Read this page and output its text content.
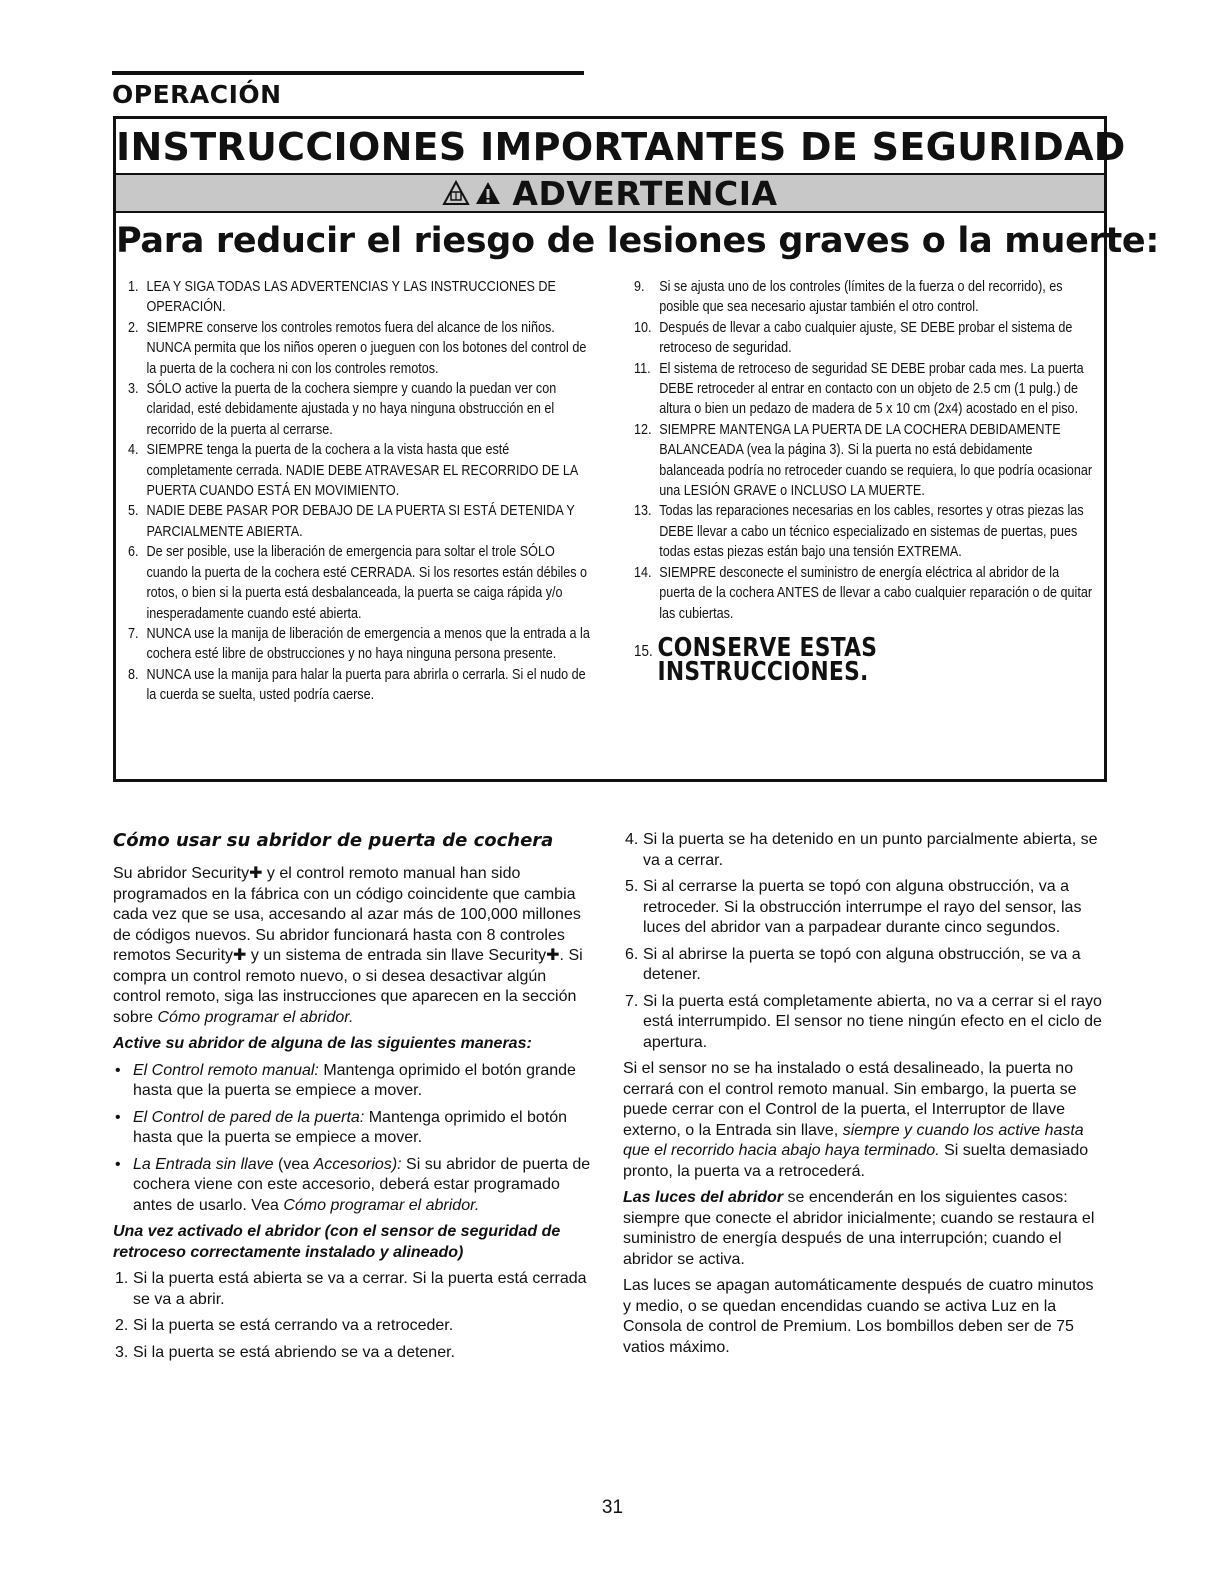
OPERACIÓN
INSTRUCCIONES IMPORTANTES DE SEGURIDAD
ADVERTENCIA
Para reducir el riesgo de lesiones graves o la muerte:

1. LEA Y SIGA TODAS LAS ADVERTENCIAS Y LAS INSTRUCCIONES DE OPERACIÓN.

2. SIEMPRE conserve los controles remotos fuera del alcance de los niños. NUNCA permita que los niños operen o jueguen con los botones del control de la puerta de la cochera ni con los controles remotos.

3. SÓLO active la puerta de la cochera siempre y cuando la puedan ver con claridad, esté debidamente ajustada y no haya ninguna obstrucción en el recorrido de la puerta al cerrarse.

4. SIEMPRE tenga la puerta de la cochera a la vista hasta que esté completamente cerrada. NADIE DEBE ATRAVESAR EL RECORRIDO DE LA PUERTA CUANDO ESTÁ EN MOVIMIENTO.

5. NADIE DEBE PASAR POR DEBAJO DE LA PUERTA SI ESTÁ DETENIDA Y PARCIALMENTE ABIERTA.

6. De ser posible, use la liberación de emergencia para soltar el trole SÓLO cuando la puerta de la cochera esté CERRADA. Si los resortes están débiles o rotos, o bien si la puerta está desbalanceada, la puerta se caiga rápida y/o inesperadamente cuando esté abierta.

7. NUNCA use la manija de liberación de emergencia a menos que la entrada a la cochera esté libre de obstrucciones y no haya ninguna persona presente.

8. NUNCA use la manija para halar la puerta para abrirla o cerrarla. Si el nudo de la cuerda se suelta, usted podría caerse.

9. Si se ajusta uno de los controles (límites de la fuerza o del recorrido), es posible que sea necesario ajustar también el otro control.

10. Después de llevar a cabo cualquier ajuste, SE DEBE probar el sistema de retroceso de seguridad.

11. El sistema de retroceso de seguridad SE DEBE probar cada mes. La puerta DEBE retroceder al entrar en contacto con un objeto de 2.5 cm (1 pulg.) de altura o bien un pedazo de madera de 5 x 10 cm (2x4) acostado en el piso.

12. SIEMPRE MANTENGA LA PUERTA DE LA COCHERA DEBIDAMENTE BALANCEADA (vea la página 3). Si la puerta no está debidamente balanceada podría no retroceder cuando se requiera, lo que podría ocasionar una LESIÓN GRAVE o INCLUSO LA MUERTE.

13. Todas las reparaciones necesarias en los cables, resortes y otras piezas las DEBE llevar a cabo un técnico especializado en sistemas de puertas, pues todas estas piezas están bajo una tensión EXTREMA.

14. SIEMPRE desconecte el suministro de energía eléctrica al abridor de la puerta de la cochera ANTES de llevar a cabo cualquier reparación o de quitar las cubiertas.

15. CONSERVE ESTAS INSTRUCCIONES.

Cómo usar su abridor de puerta de cochera

Su abridor Security✚ y el control remoto manual han sido programados en la fábrica con un código coincidente que cambia cada vez que se usa, accesando al azar más de 100,000 millones de códigos nuevos. Su abridor funcionará hasta con 8 controles remotos Security✚ y un sistema de entrada sin llave Security✚. Si compra un control remoto nuevo, o si desea desactivar algún control remoto, siga las instrucciones que aparecen en la sección sobre Cómo programar el abridor.

Active su abridor de alguna de las siguientes maneras:

• El Control remoto manual: Mantenga oprimido el botón grande hasta que la puerta se empiece a mover.

• El Control de pared de la puerta: Mantenga oprimido el botón hasta que la puerta se empiece a mover.

• La Entrada sin llave (vea Accesorios): Si su abridor de puerta de cochera viene con este accesorio, deberá estar programado antes de usarlo. Vea Cómo programar el abridor.

Una vez activado el abridor (con el sensor de seguridad de retroceso correctamente instalado y alineado)

1. Si la puerta está abierta se va a cerrar. Si la puerta está cerrada se va a abrir.

2. Si la puerta se está cerrando va a retroceder.

3. Si la puerta se está abriendo se va a detener.

4. Si la puerta se ha detenido en un punto parcialmente abierta, se va a cerrar.

5. Si al cerrarse la puerta se topó con alguna obstrucción, va a retroceder. Si la obstrucción interrumpe el rayo del sensor, las luces del abridor van a parpadear durante cinco segundos.

6. Si al abrirse la puerta se topó con alguna obstrucción, se va a detener.

7. Si la puerta está completamente abierta, no va a cerrar si el rayo está interrumpido. El sensor no tiene ningún efecto en el ciclo de apertura.

Si el sensor no se ha instalado o está desalineado, la puerta no cerrará con el control remoto manual. Sin embargo, la puerta se puede cerrar con el Control de la puerta, el Interruptor de llave externo, o la Entrada sin llave, siempre y cuando los active hasta que el recorrido hacia abajo haya terminado. Si suelta demasiado pronto, la puerta va a retrocederá.

Las luces del abridor se encenderán en los siguientes casos: siempre que conecte el abridor inicialmente; cuando se restaura el suministro de energía después de una interrupción; cuando el abridor se activa.

Las luces se apagan automáticamente después de cuatro minutos y medio, o se quedan encendidas cuando se activa Luz en la Consola de control de Premium. Los bombillos deben ser de 75 vatios máximo.

31
